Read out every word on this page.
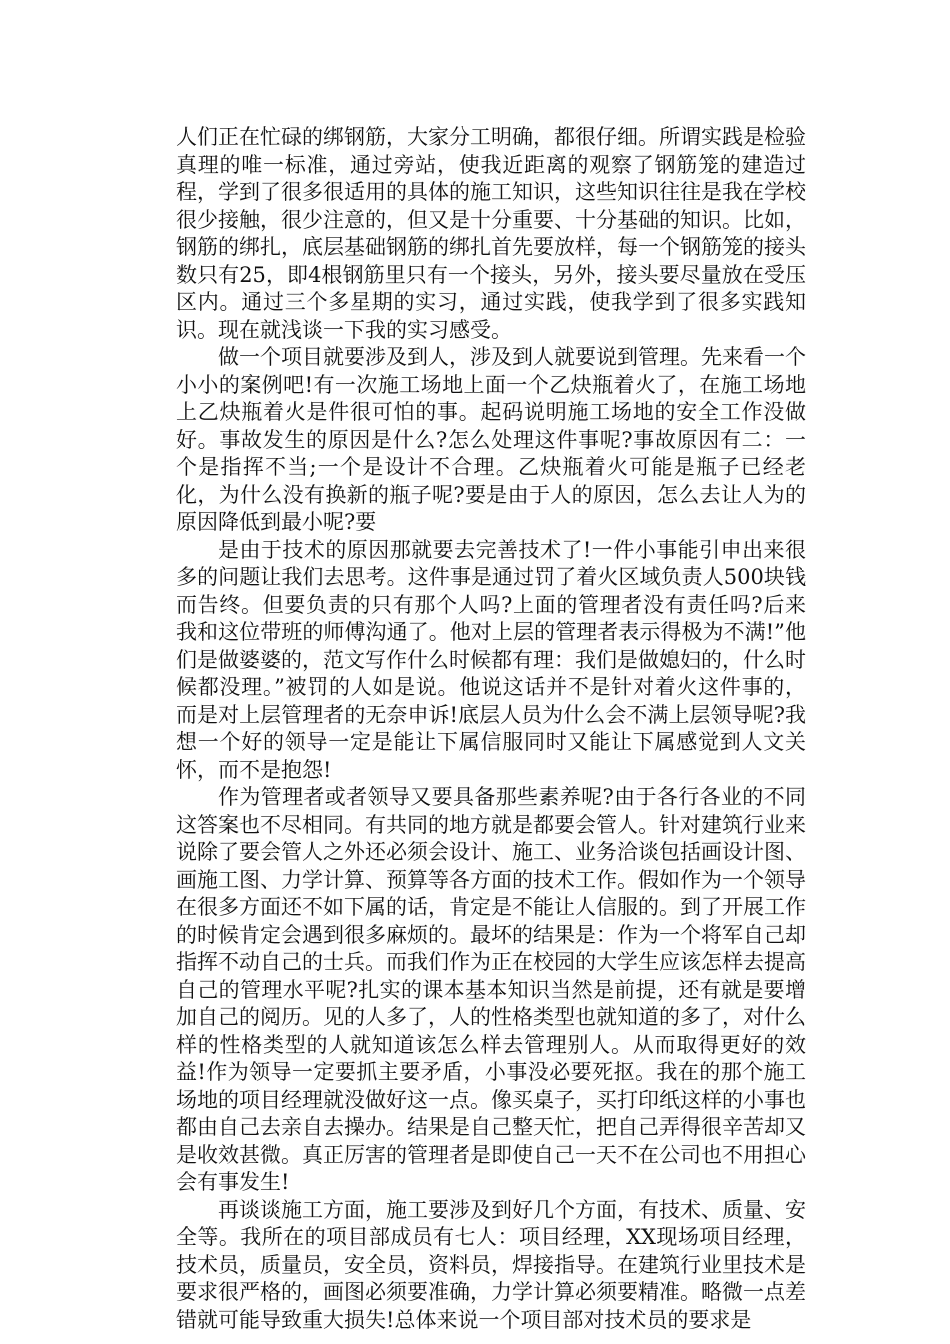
人们正在忙碌的绑钢筋，大家分工明确，都很仔细。所谓实践是检验真理的唯一标准，通过旁站，使我近距离的观察了钢筋笼的建造过程，学到了很多很适用的具体的施工知识，这些知识往往是我在学校很少接触，很少注意的，但又是十分重要、十分基础的知识。比如，钢筋的绑扎，底层基础钢筋的绑扎首先要放样，每一个钢筋笼的接头数只有25，即4根钢筋里只有一个接头，另外，接头要尽量放在受压区内。通过三个多星期的实习，通过实践，使我学到了很多实践知识。现在就浅谈一下我的实习感受。

做一个项目就要涉及到人，涉及到人就要说到管理。先来看一个小小的案例吧!有一次施工场地上面一个乙炔瓶着火了，在施工场地上乙炔瓶着火是件很可怕的事。起码说明施工场地的安全工作没做好。事故发生的原因是什么?怎么处理这件事呢?事故原因有二：一个是指挥不当;一个是设计不合理。乙炔瓶着火可能是瓶子已经老化，为什么没有换新的瓶子呢?要是由于人的原因，怎么去让人为的原因降低到最小呢?要

是由于技术的原因那就要去完善技术了!一件小事能引申出来很多的问题让我们去思考。这件事是通过罚了着火区域负责人500块钱而告终。但要负责的只有那个人吗?上面的管理者没有责任吗?后来我和这位带班的师傅沟通了。他对上层的管理者表示得极为不满!”他们是做婆婆的，范文写作什么时候都有理：我们是做媳妇的，什么时候都没理。”被罚的人如是说。他说这话并不是针对着火这件事的，而是对上层管理者的无奈申诉!底层人员为什么会不满上层领导呢?我想一个好的领导一定是能让下属信服同时又能让下属感觉到人文关怀，而不是抱怨!

作为管理者或者领导又要具备那些素养呢?由于各行各业的不同这答案也不尽相同。有共同的地方就是都要会管人。针对建筑行业来说除了要会管人之外还必须会设计、施工、业务洽谈包括画设计图、画施工图、力学计算、预算等各方面的技术工作。假如作为一个领导在很多方面还不如下属的话，肯定是不能让人信服的。到了开展工作的时候肯定会遇到很多麻烦的。最坏的结果是：作为一个将军自己却指挥不动自己的士兵。而我们作为正在校园的大学生应该怎样去提高自己的管理水平呢?扎实的课本基本知识当然是前提，还有就是要增加自己的阅历。见的人多了，人的性格类型也就知道的多了，对什么样的性格类型的人就知道该怎么样去管理别人。从而取得更好的效益!作为领导一定要抓主要矛盾，小事没必要死抠。我在的那个施工场地的项目经理就没做好这一点。像买桌子，买打印纸这样的小事也都由自己去亲自去操办。结果是自己整天忙，把自己弄得很辛苦却又是收效甚微。真正厉害的管理者是即使自己一天不在公司也不用担心会有事发生!

再谈谈施工方面，施工要涉及到好几个方面，有技术、质量、安全等。我所在的项目部成员有七人：项目经理，XX现场项目经理，技术员，质量员，安全员，资料员，焊接指导。在建筑行业里技术是要求很严格的，画图必须要准确，力学计算必须要精准。略微一点差错就可能导致重大损失!总体来说一个项目部对技术员的要求是
